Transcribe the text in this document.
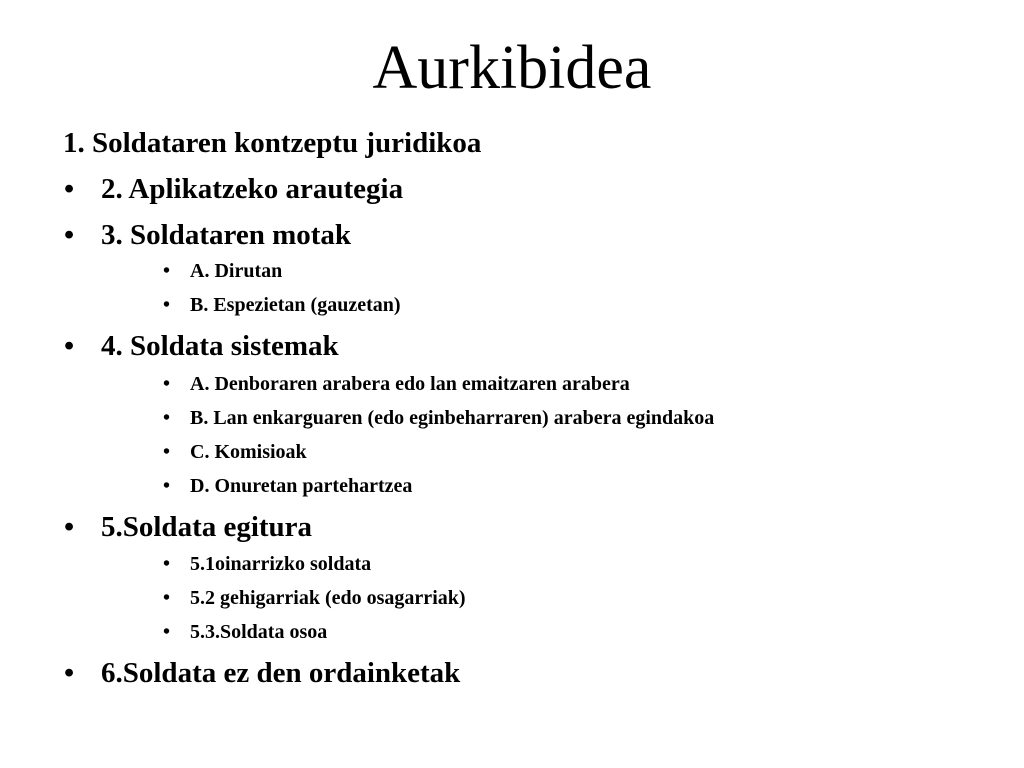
Aurkibidea
1. Soldataren kontzeptu juridikoa
• 2. Aplikatzeko arautegia
• 3. Soldataren motak
• A. Dirutan
• B. Espezietan (gauzetan)
• 4. Soldata sistemak
• A. Denboraren arabera edo lan emaitzaren arabera
• B. Lan enkarguaren (edo eginbeharraren) arabera egindakoa
• C. Komisioak
• D. Onuretan partehartzea
• 5.Soldata egitura
• 5.1oinarrizko soldata
• 5.2 gehigarriak (edo osagarriak)
• 5.3.Soldata osoa
• 6.Soldata ez den ordainketak
